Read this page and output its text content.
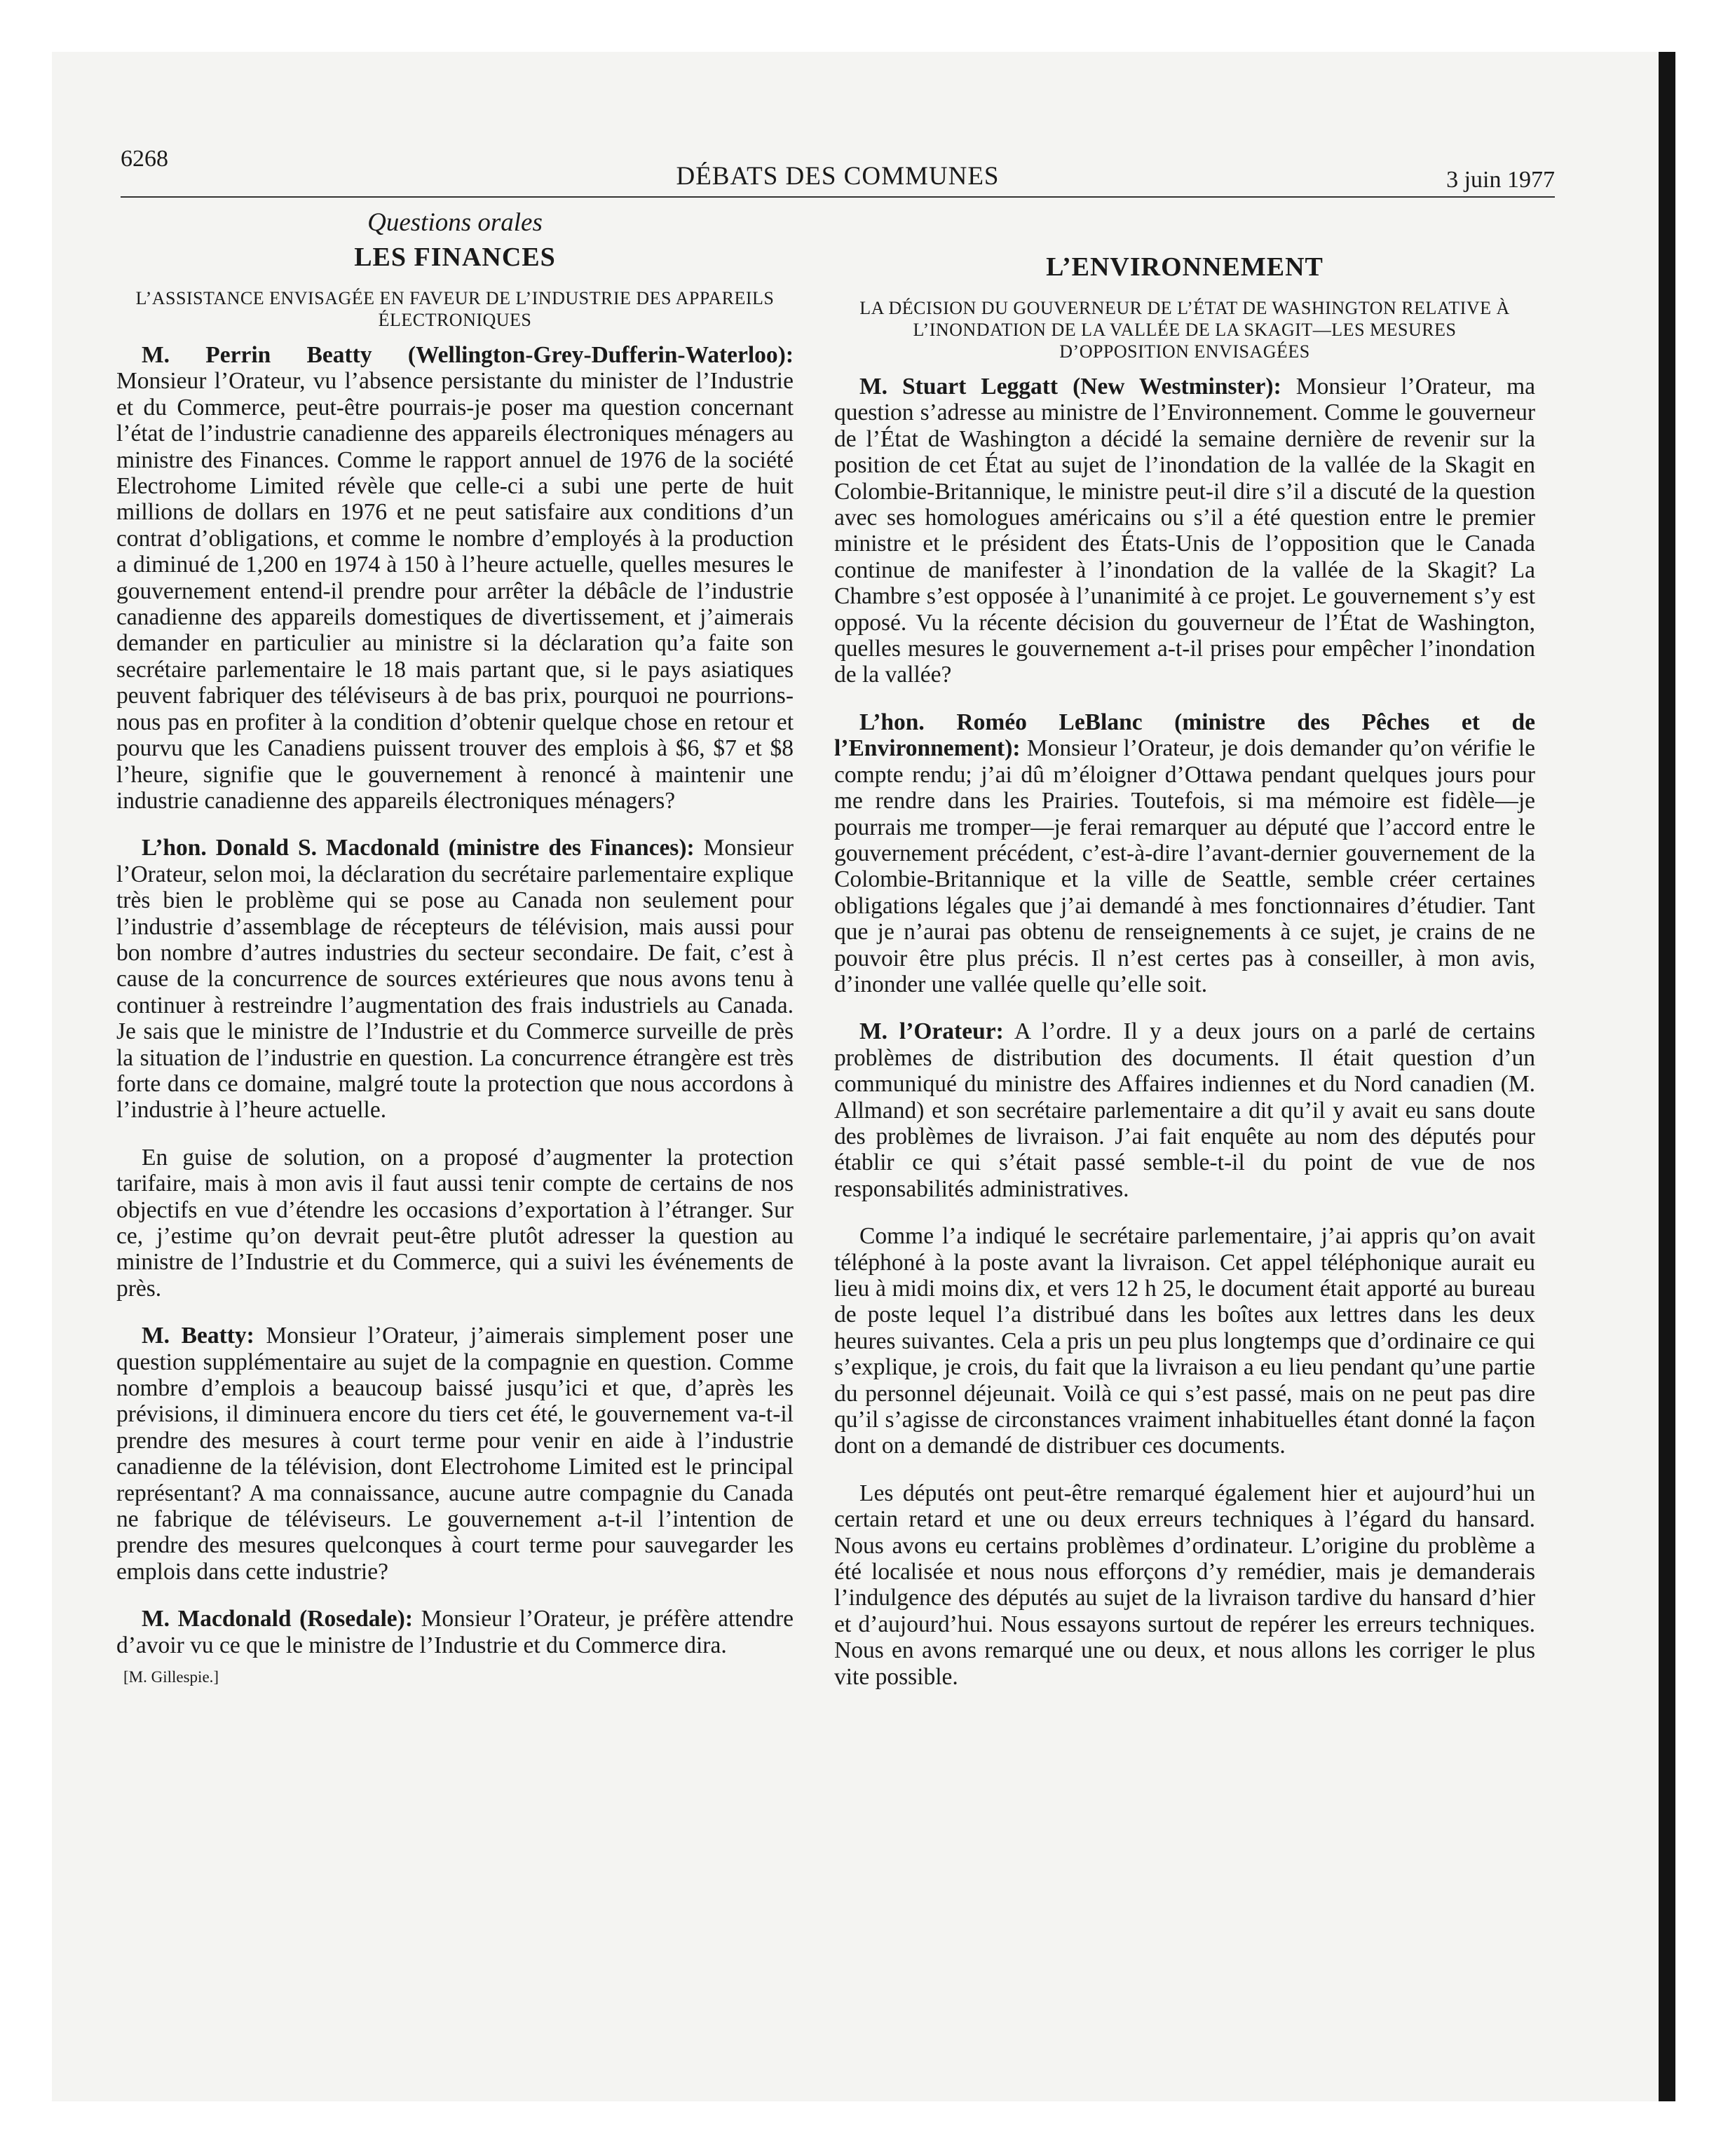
6268
DÉBATS DES COMMUNES	3 juin 1977

Questions orales

LES FINANCES

L’ASSISTANCE ENVISAGÉE EN FAVEUR DE L’INDUSTRIE DES APPAREILS ÉLECTRONIQUES

M. Perrin Beatty (Wellington-Grey-Dufferin-Waterloo): Monsieur l’Orateur, vu l’absence persistante du minister de l’Industrie et du Commerce, peut-être pourrais-je poser ma question concernant l’état de l’industrie canadienne des appareils électroniques ménagers au ministre des Finances. Comme le rapport annuel de 1976 de la société Electrohome Limited révèle que celle-ci a subi une perte de huit millions de dollars en 1976 et ne peut satisfaire aux conditions d’un contrat d’obligations, et comme le nombre d’employés à la production a diminué de 1,200 en 1974 à 150 à l’heure actuelle, quelles mesures le gouvernement entend-il prendre pour arrêter la débâcle de l’industrie canadienne des appareils domestiques de divertissement, et j’aimerais demander en particulier au ministre si la déclaration qu’a faite son secrétaire parlementaire le 18 mais partant que, si le pays asiatiques peuvent fabriquer des téléviseurs à de bas prix, pourquoi ne pourrions-nous pas en profiter à la condition d’obtenir quelque chose en retour et pourvu que les Canadiens puissent trouver des emplois à $6, $7 et $8 l’heure, signifie que le gouvernement à renoncé à maintenir une industrie canadienne des appareils électroniques ménagers?

L’hon. Donald S. Macdonald (ministre des Finances): Monsieur l’Orateur, selon moi, la déclaration du secrétaire parlementaire explique très bien le problème qui se pose au Canada non seulement pour l’industrie d’assemblage de récepteurs de télévision, mais aussi pour bon nombre d’autres industries du secteur secondaire. De fait, c’est à cause de la concurrence de sources extérieures que nous avons tenu à continuer à restreindre l’augmentation des frais industriels au Canada. Je sais que le ministre de l’Industrie et du Commerce surveille de près la situation de l’industrie en question. La concurrence étrangère est très forte dans ce domaine, malgré toute la protection que nous accordons à l’industrie à l’heure actuelle.

En guise de solution, on a proposé d’augmenter la protection tarifaire, mais à mon avis il faut aussi tenir compte de certains de nos objectifs en vue d’étendre les occasions d’exportation à l’étranger. Sur ce, j’estime qu’on devrait peut-être plutôt adresser la question au ministre de l’Industrie et du Commerce, qui a suivi les événements de près.

M. Beatty: Monsieur l’Orateur, j’aimerais simplement poser une question supplémentaire au sujet de la compagnie en question. Comme nombre d’emplois a beaucoup baissé jusqu’ici et que, d’après les prévisions, il diminuera encore du tiers cet été, le gouvernement va-t-il prendre des mesures à court terme pour venir en aide à l’industrie canadienne de la télévision, dont Electrohome Limited est le principal représentant? A ma connaissance, aucune autre compagnie du Canada ne fabrique de téléviseurs. Le gouvernement a-t-il l’intention de prendre des mesures quelconques à court terme pour sauvegarder les emplois dans cette industrie?

M. Macdonald (Rosedale): Monsieur l’Orateur, je préfère attendre d’avoir vu ce que le ministre de l’Industrie et du Commerce dira.

[M. Gillespie.]

L’ENVIRONNEMENT

LA DÉCISION DU GOUVERNEUR DE L’ÉTAT DE WASHINGTON RELATIVE À L’INONDATION DE LA VALLÉE DE LA SKAGIT—LES MESURES D’OPPOSITION ENVISAGÉES

M. Stuart Leggatt (New Westminster): Monsieur l’Orateur, ma question s’adresse au ministre de l’Environnement. Comme le gouverneur de l’État de Washington a décidé la semaine dernière de revenir sur la position de cet État au sujet de l’inondation de la vallée de la Skagit en Colombie-Britannique, le ministre peut-il dire s’il a discuté de la question avec ses homologues américains ou s’il a été question entre le premier ministre et le président des États-Unis de l’opposition que le Canada continue de manifester à l’inondation de la vallée de la Skagit? La Chambre s’est opposée à l’unanimité à ce projet. Le gouvernement s’y est opposé. Vu la récente décision du gouverneur de l’État de Washington, quelles mesures le gouvernement a-t-il prises pour empêcher l’inondation de la vallée?

L’hon. Roméo LeBlanc (ministre des Pêches et de l’Environnement): Monsieur l’Orateur, je dois demander qu’on vérifie le compte rendu; j’ai dû m’éloigner d’Ottawa pendant quelques jours pour me rendre dans les Prairies. Toutefois, si ma mémoire est fidèle—je pourrais me tromper—je ferai remarquer au député que l’accord entre le gouvernement précédent, c’est-à-dire l’avant-dernier gouvernement de la Colombie-Britannique et la ville de Seattle, semble créer certaines obligations légales que j’ai demandé à mes fonctionnaires d’étudier. Tant que je n’aurai pas obtenu de renseignements à ce sujet, je crains de ne pouvoir être plus précis. Il n’est certes pas à conseiller, à mon avis, d’inonder une vallée quelle qu’elle soit.

M. l’Orateur: A l’ordre. Il y a deux jours on a parlé de certains problèmes de distribution des documents. Il était question d’un communiqué du ministre des Affaires indiennes et du Nord canadien (M. Allmand) et son secrétaire parlementaire a dit qu’il y avait eu sans doute des problèmes de livraison. J’ai fait enquête au nom des députés pour établir ce qui s’était passé semble-t-il du point de vue de nos responsabilités administratives.

Comme l’a indiqué le secrétaire parlementaire, j’ai appris qu’on avait téléphoné à la poste avant la livraison. Cet appel téléphonique aurait eu lieu à midi moins dix, et vers 12 h 25, le document était apporté au bureau de poste lequel l’a distribué dans les boîtes aux lettres dans les deux heures suivantes. Cela a pris un peu plus longtemps que d’ordinaire ce qui s’explique, je crois, du fait que la livraison a eu lieu pendant qu’une partie du personnel déjeunait. Voilà ce qui s’est passé, mais on ne peut pas dire qu’il s’agisse de circonstances vraiment inhabituelles étant donné la façon dont on a demandé de distribuer ces documents.

Les députés ont peut-être remarqué également hier et aujourd’hui un certain retard et une ou deux erreurs techniques à l’égard du hansard. Nous avons eu certains problèmes d’ordinateur. L’origine du problème a été localisée et nous nous efforçons d’y remédier, mais je demanderais l’indulgence des députés au sujet de la livraison tardive du hansard d’hier et d’aujourd’hui. Nous essayons surtout de repérer les erreurs techniques. Nous en avons remarqué une ou deux, et nous allons les corriger le plus vite possible.
